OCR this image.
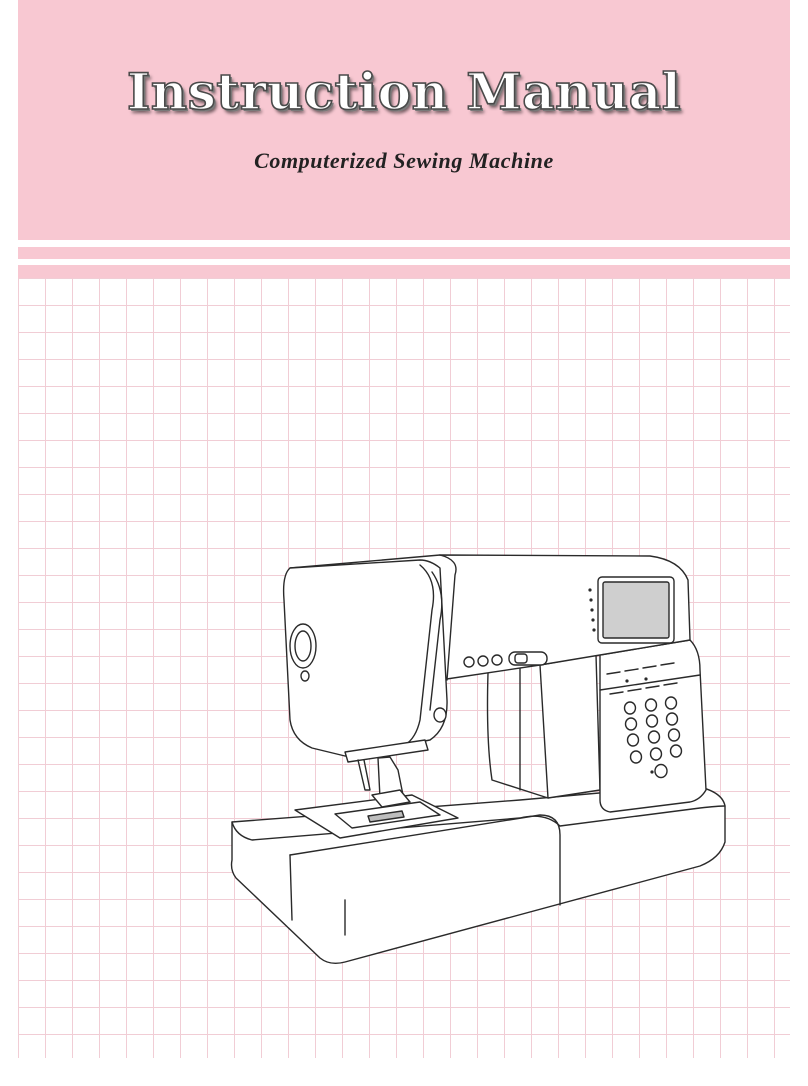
Instruction Manual
Computerized Sewing Machine
